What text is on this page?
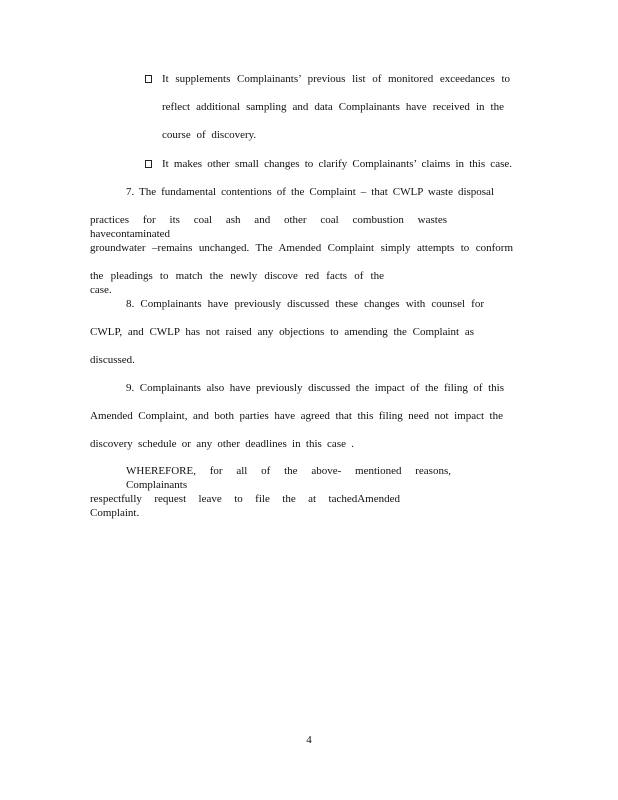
It supplements Complainants’ previous list of monitored exceedances to
reflect additional sampling and data Complainants have received in the
course of discovery.
It makes other small changes to clarify Complainants’ claims in this case.
7. The fundamental contentions of the Complaint – that CWLP waste disposal
practices for its coal ash and other coal combustion wastes havecontaminated
groundwater –remains unchanged. The Amended Complaint simply attempts to conform
the pleadings to match the newly discove red facts of the case.
8. Complainants have previously discussed these changes with counsel for
CWLP, and CWLP has not raised any objections to amending the Complaint as
discussed.
9. Complainants also have previously discussed the impact of the filing of this
Amended Complaint, and both parties have agreed that this filing need not impact the
discovery schedule or any other deadlines in this case .
WHEREFORE, for all of the above- mentioned reasons, Complainants
respectfully request leave to file the at tachedAmended Complaint.
4
